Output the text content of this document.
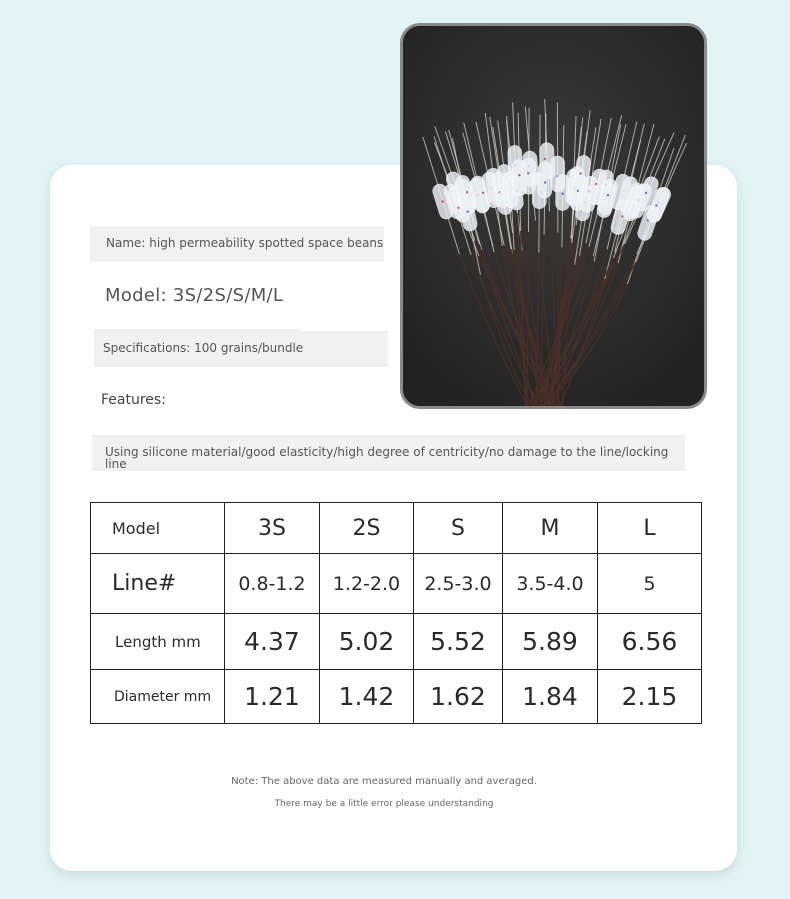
Name: high permeability spotted space beans
Model: 3S/2S/S/M/L
Specifications: 100 grains/bundle
Features:
Using silicone material/good elasticity/high degree of centricity/no damage to the line/locking line
Model	3S	2S	S	M	L
Line#	0.8-1.2	1.2-2.0	2.5-3.0	3.5-4.0	5
Length mm	4.37	5.02	5.52	5.89	6.56
Diameter mm	1.21	1.42	1.62	1.84	2.15
Note: The above data are measured manually and averaged.
There may be a little error please understanding
